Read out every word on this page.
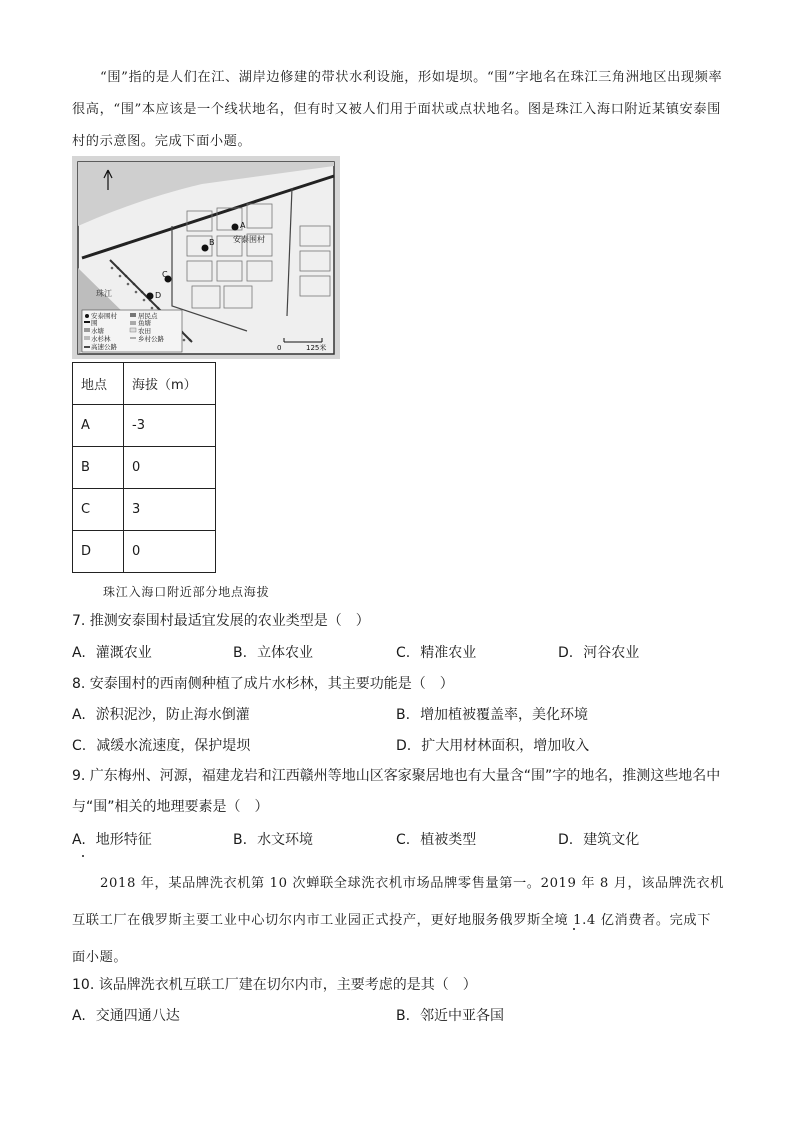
“围”指的是人们在江、湖岸边修建的带状水利设施，形如堤坝。“围”字地名在珠江三角洲地区出现频率很高，“围”本应该是一个线状地名，但有时又被人们用于面状或点状地名。图是珠江入海口附近某镇安泰围村的示意图。完成下面小题。

A
安泰围村
B
C
D
珠江
安泰围村
围
水塘
水杉林
高速公路
居民点
鱼塘
农田
乡村公路
0	125米
地点	海拔（m）
A	-3
B	0
C	3
D	0
珠江入海口附近部分地点海拔
7. 推测安泰围村最适宜发展的农业类型是（　）
A. 灌溉农业	B. 立体农业	C. 精准农业	D. 河谷农业
8. 安泰围村的西南侧种植了成片水杉林，其主要功能是（　）
A. 淤积泥沙，防止海水倒灌	B. 增加植被覆盖率，美化环境
C. 减缓水流速度，保护堤坝	D. 扩大用材林面积，增加收入
9. 广东梅州、河源，福建龙岩和江西赣州等地山区客家聚居地也有大量含“围”字的地名，推测这些地名中与“围”相关的地理要素是（　）
A. 地形特征	B. 水文环境	C. 植被类型	D. 建筑文化

2018 年，某品牌洗衣机第 10 次蝉联全球洗衣机市场品牌零售量第一。2019 年 8 月，该品牌洗衣机互联工厂在俄罗斯主要工业中心切尔内市工业园正式投产，更好地服务俄罗斯全境 1.4 亿消费者。完成下面小题。

10. 该品牌洗衣机互联工厂建在切尔内市，主要考虑的是其（　）
A. 交通四通八达	B. 邻近中亚各国
